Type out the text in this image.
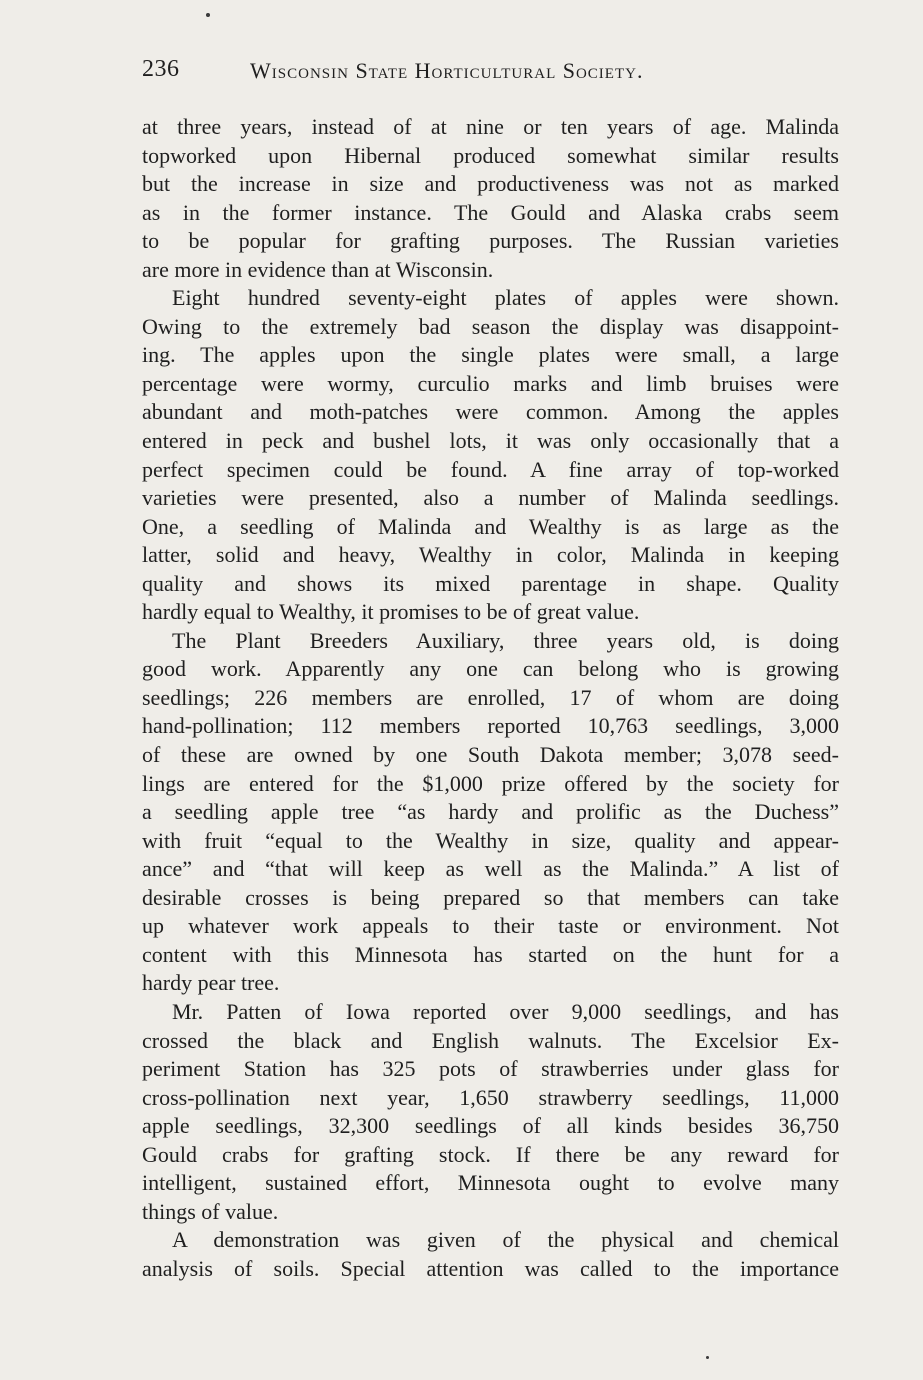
236	Wisconsin State Horticultural Society.
at three years, instead of at nine or ten years of age. Malinda
topworked upon Hibernal produced somewhat similar results
but the increase in size and productiveness was not as marked
as in the former instance. The Gould and Alaska crabs seem
to be popular for grafting purposes. The Russian varieties
are more in evidence than at Wisconsin.
Eight hundred seventy-eight plates of apples were shown.
Owing to the extremely bad season the display was disappoint-
ing. The apples upon the single plates were small, a large
percentage were wormy, curculio marks and limb bruises were
abundant and moth-patches were common. Among the apples
entered in peck and bushel lots, it was only occasionally that a
perfect specimen could be found. A fine array of top-worked
varieties were presented, also a number of Malinda seedlings.
One, a seedling of Malinda and Wealthy is as large as the
latter, solid and heavy, Wealthy in color, Malinda in keeping
quality and shows its mixed parentage in shape. Quality
hardly equal to Wealthy, it promises to be of great value.
The Plant Breeders Auxiliary, three years old, is doing
good work. Apparently any one can belong who is growing
seedlings; 226 members are enrolled, 17 of whom are doing
hand-pollination; 112 members reported 10,763 seedlings, 3,000
of these are owned by one South Dakota member; 3,078 seed-
lings are entered for the $1,000 prize offered by the society for
a seedling apple tree “as hardy and prolific as the Duchess”
with fruit “equal to the Wealthy in size, quality and appear-
ance” and “that will keep as well as the Malinda.” A list of
desirable crosses is being prepared so that members can take
up whatever work appeals to their taste or environment. Not
content with this Minnesota has started on the hunt for a
hardy pear tree.
Mr. Patten of Iowa reported over 9,000 seedlings, and has
crossed the black and English walnuts. The Excelsior Ex-
periment Station has 325 pots of strawberries under glass for
cross-pollination next year, 1,650 strawberry seedlings, 11,000
apple seedlings, 32,300 seedlings of all kinds besides 36,750
Gould crabs for grafting stock. If there be any reward for
intelligent, sustained effort, Minnesota ought to evolve many
things of value.
A demonstration was given of the physical and chemical
analysis of soils. Special attention was called to the importance
